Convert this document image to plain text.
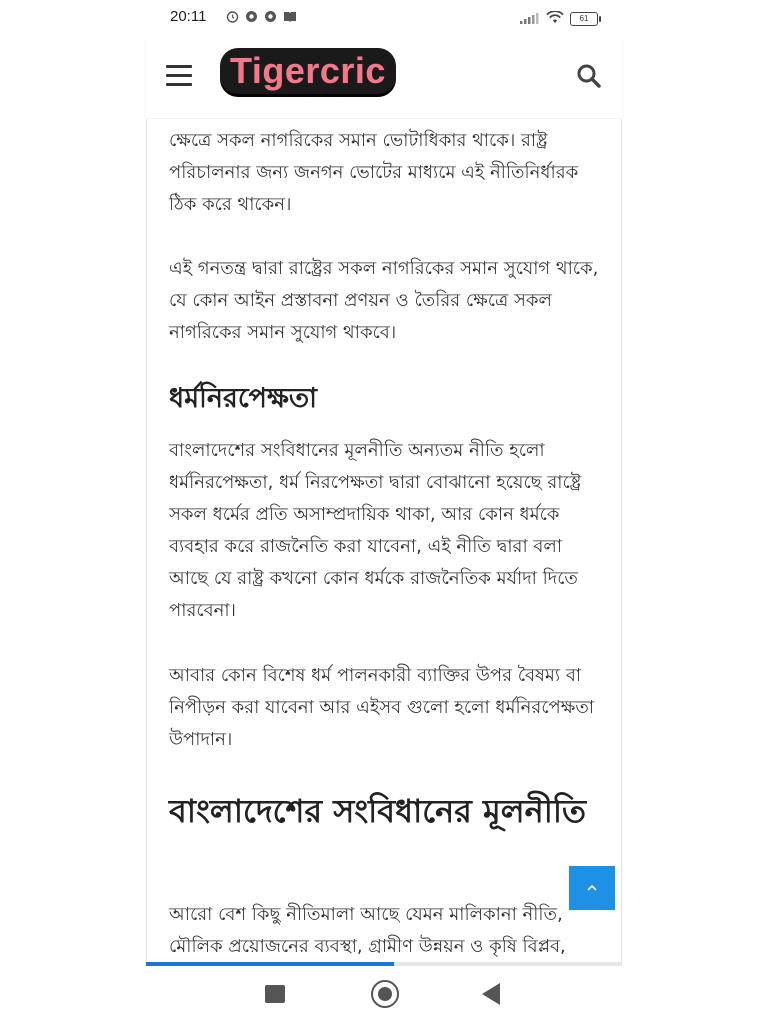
20:11	61
Tigercric

ক্ষেত্রে সকল নাগরিকের সমান ভোটাধিকার থাকে। রাষ্ট্র পরিচালনার জন্য জনগন ভোটের মাধ্যমে এই নীতিনির্ধারক ঠিক করে থাকেন।

এই গনতন্ত্র দ্বারা রাষ্ট্রের সকল নাগরিকের সমান সুযোগ থাকে, যে কোন আইন প্রস্তাবনা প্রণয়ন ও তৈরির ক্ষেত্রে সকল নাগরিকের সমান সুযোগ থাকবে।

ধর্মনিরপেক্ষতা

বাংলাদেশের সংবিধানের মূলনীতি অন্যতম নীতি হলো ধর্মনিরপেক্ষতা, ধর্ম নিরপেক্ষতা দ্বারা বোঝানো হয়েছে রাষ্ট্রে সকল ধর্মের প্রতি অসাম্প্রদায়িক থাকা, আর কোন ধর্মকে ব্যবহার করে রাজনৈতি করা যাবেনা, এই নীতি দ্বারা বলা আছে যে রাষ্ট্র কখনো কোন ধর্মকে রাজনৈতিক মর্যাদা দিতে পারবেনা।

আবার কোন বিশেষ ধর্ম পালনকারী ব্যাক্তির উপর বৈষম্য বা নিপীড়ন করা যাবেনা আর এইসব গুলো হলো ধর্মনিরপেক্ষতা উপাদান।

বাংলাদেশের সংবিধানের মূলনীতি

আরো বেশ কিছু নীতিমালা আছে যেমন মালিকানা নীতি, মৌলিক প্রয়োজনের ব্যবস্থা, গ্রামীণ উন্নয়ন ও কৃষি বিপ্লব,
